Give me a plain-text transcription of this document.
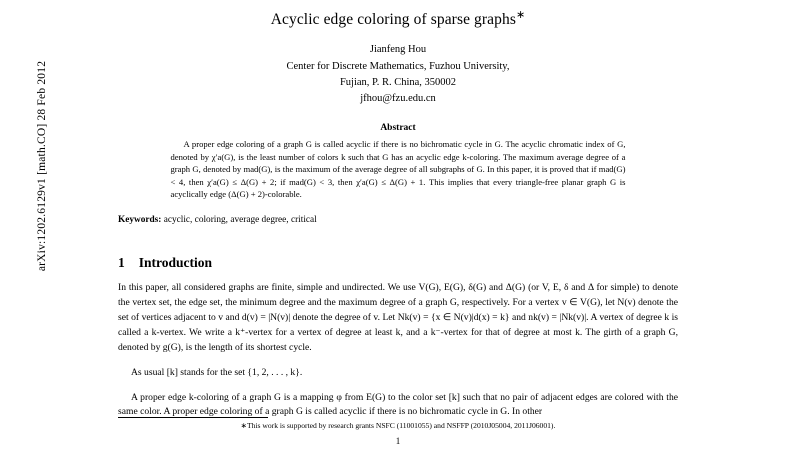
arXiv:1202.6129v1 [math.CO] 28 Feb 2012
Acyclic edge coloring of sparse graphs∗
Jianfeng Hou
Center for Discrete Mathematics, Fuzhou University,
Fujian, P. R. China, 350002
jfhou@fzu.edu.cn
Abstract
A proper edge coloring of a graph G is called acyclic if there is no bichromatic cycle in G. The acyclic chromatic index of G, denoted by χ′a(G), is the least number of colors k such that G has an acyclic edge k-coloring. The maximum average degree of a graph G, denoted by mad(G), is the maximum of the average degree of all subgraphs of G. In this paper, it is proved that if mad(G) < 4, then χ′a(G) ≤ Δ(G) + 2; if mad(G) < 3, then χ′a(G) ≤ Δ(G) + 1. This implies that every triangle-free planar graph G is acyclically edge (Δ(G) + 2)-colorable.
Keywords: acyclic, coloring, average degree, critical
1 Introduction
In this paper, all considered graphs are finite, simple and undirected. We use V(G), E(G), δ(G) and Δ(G) (or V, E, δ and Δ for simple) to denote the vertex set, the edge set, the minimum degree and the maximum degree of a graph G, respectively. For a vertex v ∈ V(G), let N(v) denote the set of vertices adjacent to v and d(v) = |N(v)| denote the degree of v. Let Nk(v) = {x ∈ N(v)|d(x) = k} and nk(v) = |Nk(v)|. A vertex of degree k is called a k-vertex. We write a k⁺-vertex for a vertex of degree at least k, and a k⁻-vertex for that of degree at most k. The girth of a graph G, denoted by g(G), is the length of its shortest cycle.
As usual [k] stands for the set {1, 2, . . . , k}.
A proper edge k-coloring of a graph G is a mapping φ from E(G) to the color set [k] such that no pair of adjacent edges are colored with the same color. A proper edge coloring of a graph G is called acyclic if there is no bichromatic cycle in G. In other
∗This work is supported by research grants NSFC (11001055) and NSFFP (2010J05004, 2011J06001).
1
